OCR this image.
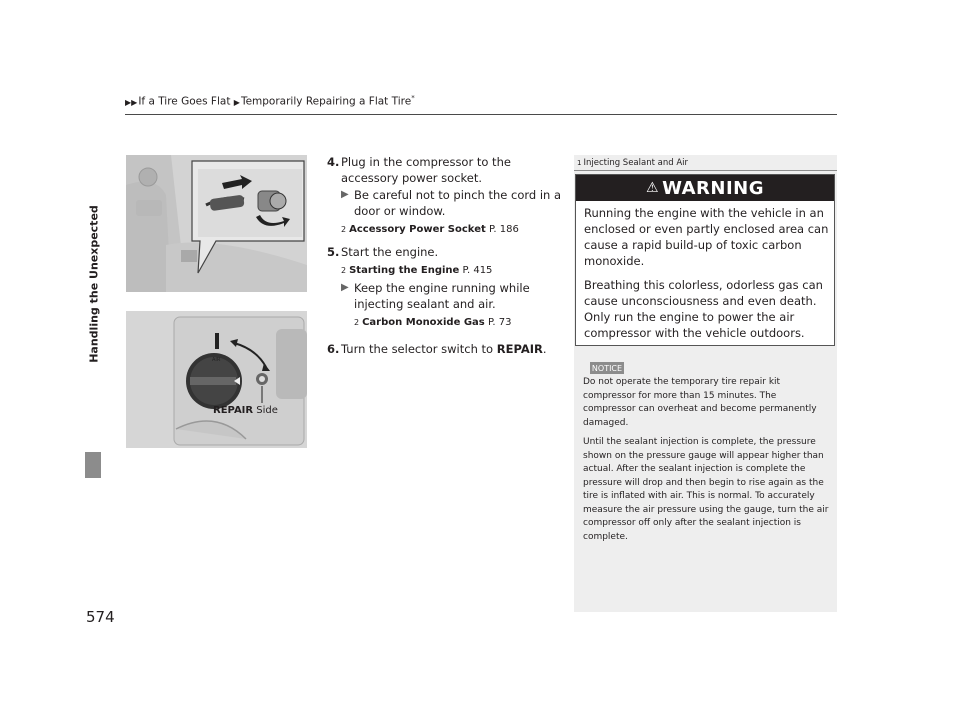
▶▶If a Tire Goes Flat ▶Temporarily Repairing a Flat Tire*
Handling the Unexpected
574
AIR
REPAIR Side
4. Plug in the compressor to the accessory power socket.
▶ Be careful not to pinch the cord in a door or window.
2 Accessory Power Socket P. 186
5. Start the engine.
2 Starting the Engine P. 415
▶ Keep the engine running while injecting sealant and air.
2 Carbon Monoxide Gas P. 73
6. Turn the selector switch to REPAIR.
1 Injecting Sealant and Air
⚠ WARNING

Running the engine with the vehicle in an enclosed or even partly enclosed area can cause a rapid build-up of toxic carbon monoxide.

Breathing this colorless, odorless gas can cause unconsciousness and even death. Only run the engine to power the air compressor with the vehicle outdoors.

NOTICE

Do not operate the temporary tire repair kit compressor for more than 15 minutes. The compressor can overheat and become permanently damaged.

Until the sealant injection is complete, the pressure shown on the pressure gauge will appear higher than actual. After the sealant injection is complete the pressure will drop and then begin to rise again as the tire is inflated with air. This is normal. To accurately measure the air pressure using the gauge, turn the air compressor off only after the sealant injection is complete.
